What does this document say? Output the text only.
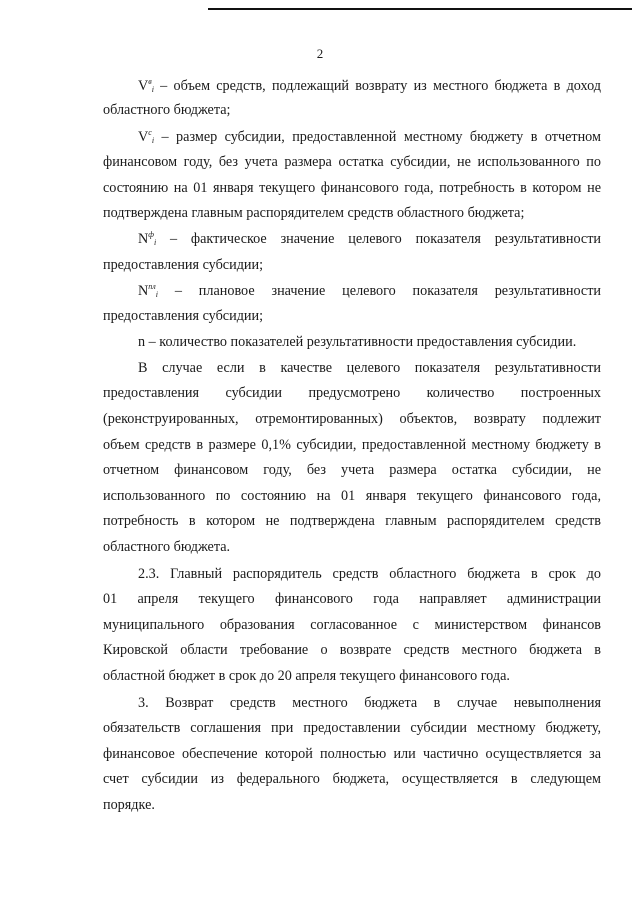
2
$V^в_i$ – объем средств, подлежащий возврату из местного бюджета в доход
областного бюджета;
$V^с_i$ – размер субсидии, предоставленной местному бюджету в отчетном
финансовом году, без учета размера остатка субсидии, не использованного по
состоянию на 01 января текущего финансового года, потребность в котором не
подтверждена главным распорядителем средств областного бюджета;
$N^ф_i$ – фактическое значение целевого показателя результативности
предоставления субсидии;
$N^{пл}_i$ – плановое значение целевого показателя результативности
предоставления субсидии;
n – количество показателей результативности предоставления субсидии.
В случае если в качестве целевого показателя результативности
предоставления субсидии предусмотрено количество построенных
(реконструированных, отремонтированных) объектов, возврату подлежит
объем средств в размере 0,1% субсидии, предоставленной местному бюджету в
отчетном финансовом году, без учета размера остатка субсидии, не
использованного по состоянию на 01 января текущего финансового года,
потребность в котором не подтверждена главным распорядителем средств
областного бюджета.
2.3. Главный распорядитель средств областного бюджета в срок до
01 апреля текущего финансового года направляет администрации
муниципального образования согласованное с министерством финансов
Кировской области требование о возврате средств местного бюджета в
областной бюджет в срок до 20 апреля текущего финансового года.
3. Возврат средств местного бюджета в случае невыполнения
обязательств соглашения при предоставлении субсидии местному бюджету,
финансовое обеспечение которой полностью или частично осуществляется за
счет субсидии из федерального бюджета, осуществляется в следующем
порядке.
